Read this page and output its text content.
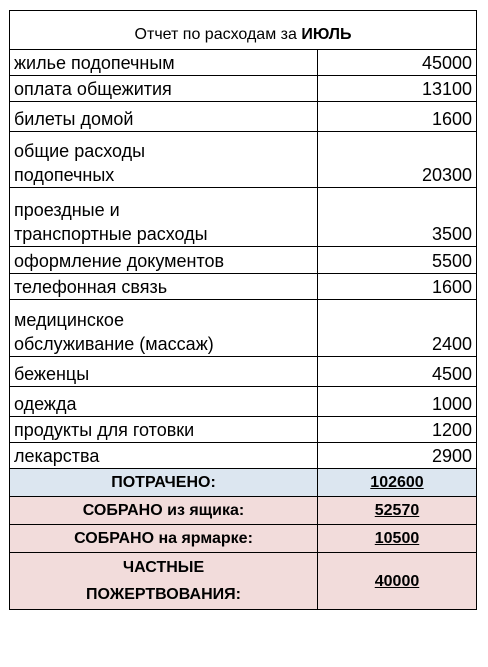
Отчет по расходам за ИЮЛЬ	
жилье подопечным	45000
оплата общежития	13100
билеты домой	1600

общие расходы
подопечных	20300

проездные и
транспортные расходы	3500
оформление документов	5500
телефонная связь	1600

медицинское
обслуживание (массаж)	2400
беженцы	4500
одежда	1000
продукты для готовки	1200
лекарства	2900
ПОТРАЧЕНО:	102600
СОБРАНО из ящика:	52570
СОБРАНО на ярмарке:	10500

ЧАСТНЫЕ
ПОЖЕРТВОВАНИЯ:	40000
